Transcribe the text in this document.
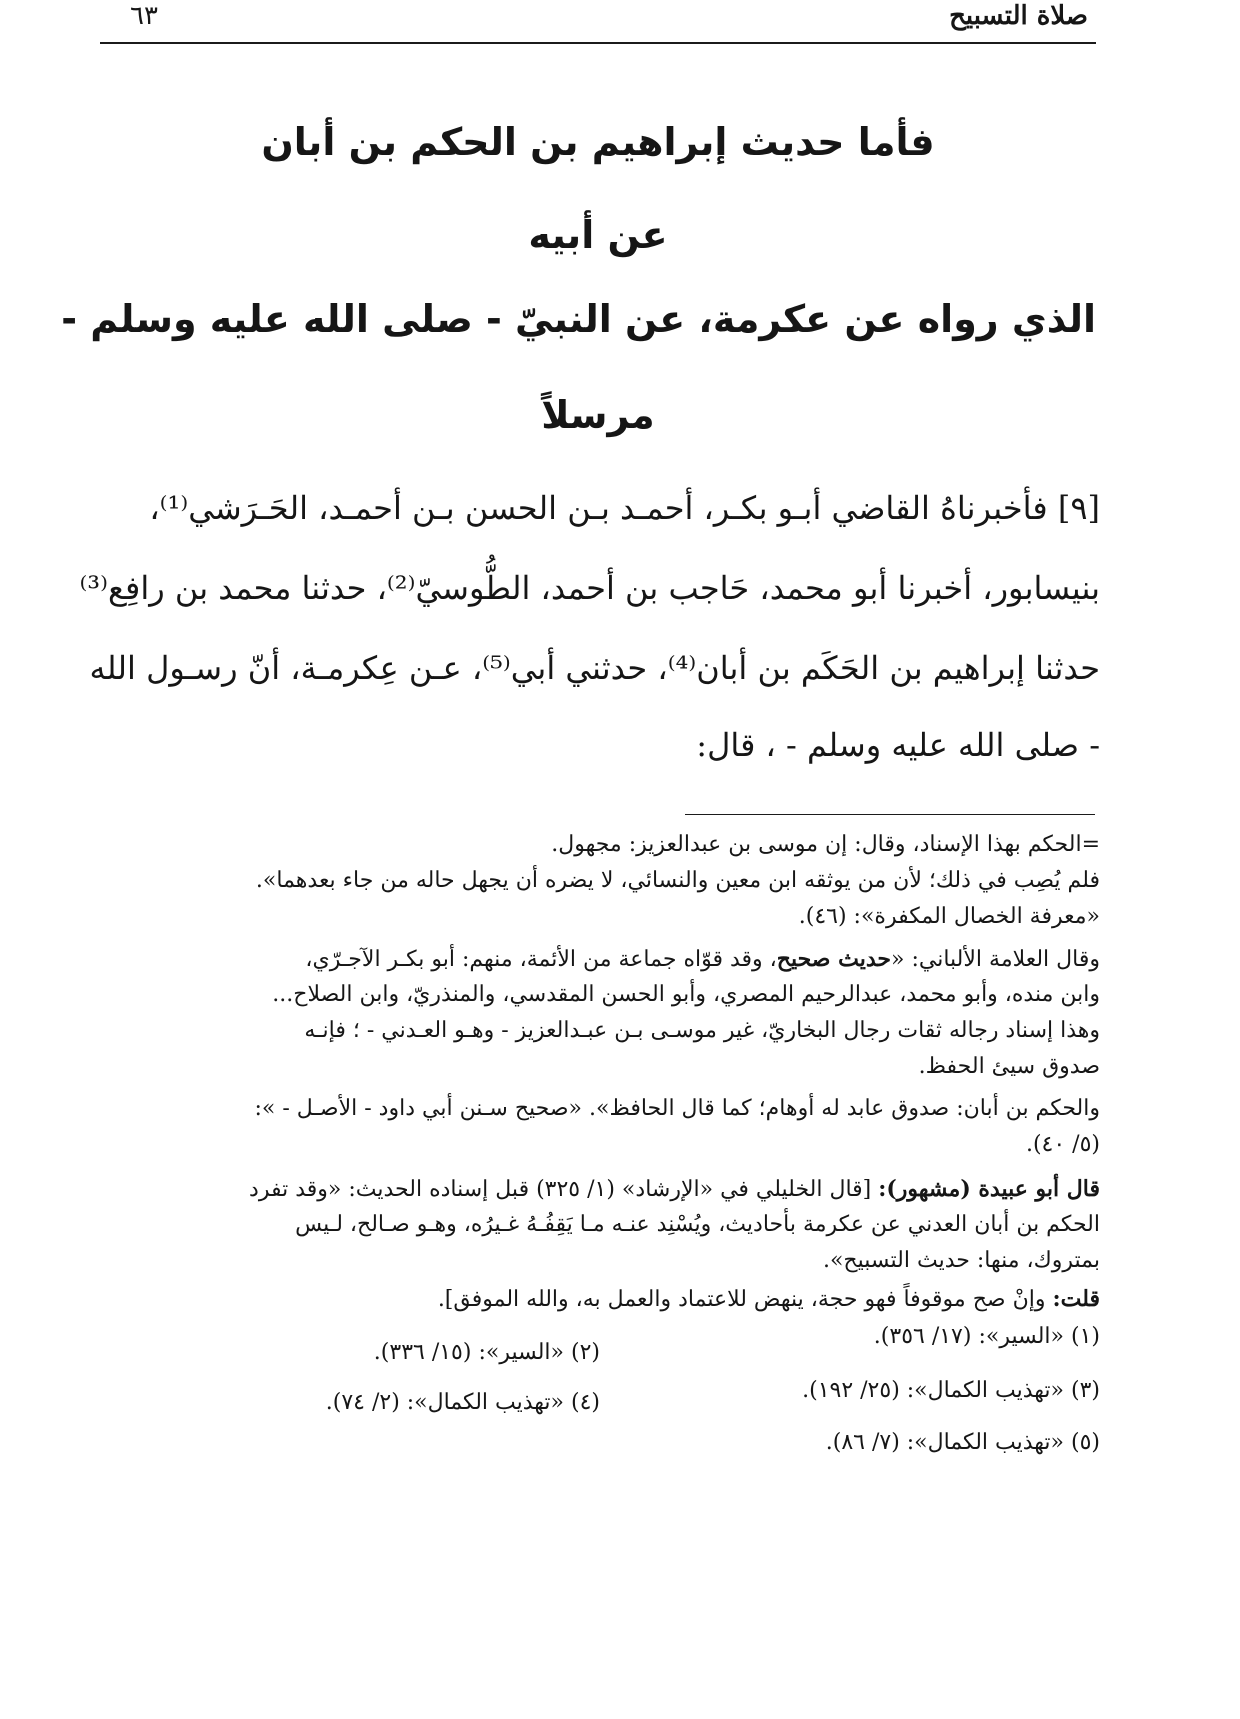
صلاة التسبيح
٦٣
فأما حديث إبراهيم بن الحكم بن أبان
عن أبيه
الذي رواه عن عكرمة، عن النبيّ - صلى الله عليه وسلم -
مرسلاً
[٩] فأخبرناهُ القاضي أبـو بكـر، أحمـد بـن الحسن بـن أحمـد، الحَـرَشي⁽¹⁾،
بنيسابور، أخبرنا أبو محمد، حَاجب بن أحمد، الطُّوسيّ⁽²⁾، حدثنا محمد بن رافِع⁽³⁾
حدثنا إبراهيم بن الحَكَم بن أبان⁽⁴⁾، حدثني أبي⁽⁵⁾، عـن عِكرمـة، أنّ رسـول الله
- صلى الله عليه وسلم - ، قال:
=الحكم بهذا الإسناد، وقال: إن موسى بن عبدالعزيز: مجهول.
فلم يُصِب في ذلك؛ لأن من يوثقه ابن معين والنسائي، لا يضره أن يجهل حاله من جاء بعدهما».
«معرفة الخصال المكفرة»: (٤٦).
وقال العلامة الألباني: «حديث صحيح، وقد قوّاه جماعة من الأئمة، منهم: أبو بكـر الآجـرّي،
وابن منده، وأبو محمد، عبدالرحيم المصري، وأبو الحسن المقدسي، والمنذريّ، وابن الصلاح...
وهذا إسناد رجاله ثقات رجال البخاريّ، غير موسـى بـن عبـدالعزيز - وهـو العـدني - ؛ فإنـه
صدوق سيئ الحفظ.
والحكم بن أبان: صدوق عابد له أوهام؛ كما قال الحافظ». «صحيح سـنن أبي داود - الأصـل - »:
(٥/ ٤٠).
قال أبو عبيدة (مشهور): [قال الخليلي في «الإرشاد» (١/ ٣٢٥) قبل إسناده الحديث: «وقد تفرد
الحكم بن أبان العدني عن عكرمة بأحاديث، ويُسْنِد عنـه مـا يَقِفُـهُ غـيرُه، وهـو صـالح، لـيس
بمتروك، منها: حديث التسبيح».
قلت: وإنْ صح موقوفاً فهو حجة، ينهض للاعتماد والعمل به، والله الموفق].
(١) «السير»: (١٧/ ٣٥٦).
(٢) «السير»: (١٥/ ٣٣٦).
(٣) «تهذيب الكمال»: (٢٥/ ١٩٢).
(٤) «تهذيب الكمال»: (٢/ ٧٤).
(٥) «تهذيب الكمال»: (٧/ ٨٦).
